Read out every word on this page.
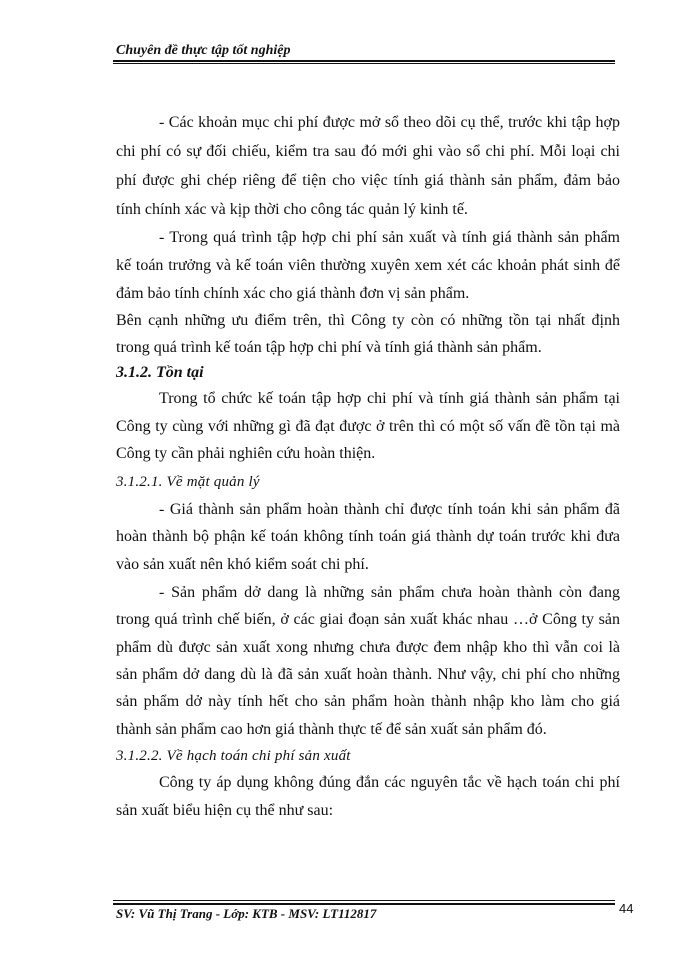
Chuyên đề thực tập tốt nghiệp
- Các khoản mục chi phí được mở sổ theo dõi cụ thể, trước khi tập hợp
chi phí có sự đối chiếu, kiểm tra sau đó mới ghi vào sổ chi phí. Mỗi loại chi
phí được ghi chép riêng để tiện cho việc tính giá thành sản phẩm, đảm bảo
tính chính xác và kịp thời cho công tác quản lý kinh tế.
- Trong quá trình tập hợp chi phí sản xuất và tính giá thành sản phẩm
kế toán trưởng và kế toán viên thường xuyên xem xét các khoản phát sinh để
đảm bảo tính chính xác cho giá thành đơn vị sản phẩm.
Bên cạnh những ưu điểm trên, thì Công ty còn có những tồn tại nhất định
trong quá trình kế toán tập hợp chi phí và tính giá thành sản phẩm.
3.1.2. Tồn tại
Trong tổ chức kế toán tập hợp chi phí và tính giá thành sản phẩm tại
Công ty cùng với những gì đã đạt được ở trên thì có một số vấn đề tồn tại mà
Công ty cần phải nghiên cứu hoàn thiện.
3.1.2.1. Về mặt quản lý
- Giá thành sản phẩm hoàn thành chỉ được tính toán khi sản phẩm đã
hoàn thành bộ phận kế toán không tính toán giá thành dự toán trước khi đưa
vào sản xuất nên khó kiểm soát chi phí.
- Sản phẩm dở dang là những sản phẩm chưa hoàn thành còn đang
trong quá trình chế biến, ở các giai đoạn sản xuất khác nhau …ở Công ty sản
phẩm dù được sản xuất xong nhưng chưa được đem nhập kho thì vẫn coi là
sản phẩm dở dang dù là đã sản xuất hoàn thành. Như vậy, chi phí cho những
sản phẩm dở này tính hết cho sản phẩm hoàn thành nhập kho làm cho giá
thành sản phẩm cao hơn giá thành thực tế để sản xuất sản phẩm đó.
3.1.2.2. Về hạch toán chi phí sản xuất
Công ty áp dụng không đúng đắn các nguyên tắc về hạch toán chi phí
sản xuất biểu hiện cụ thể như sau:
SV: Vũ Thị Trang - Lớp: KTB - MSV: LT112817	44
